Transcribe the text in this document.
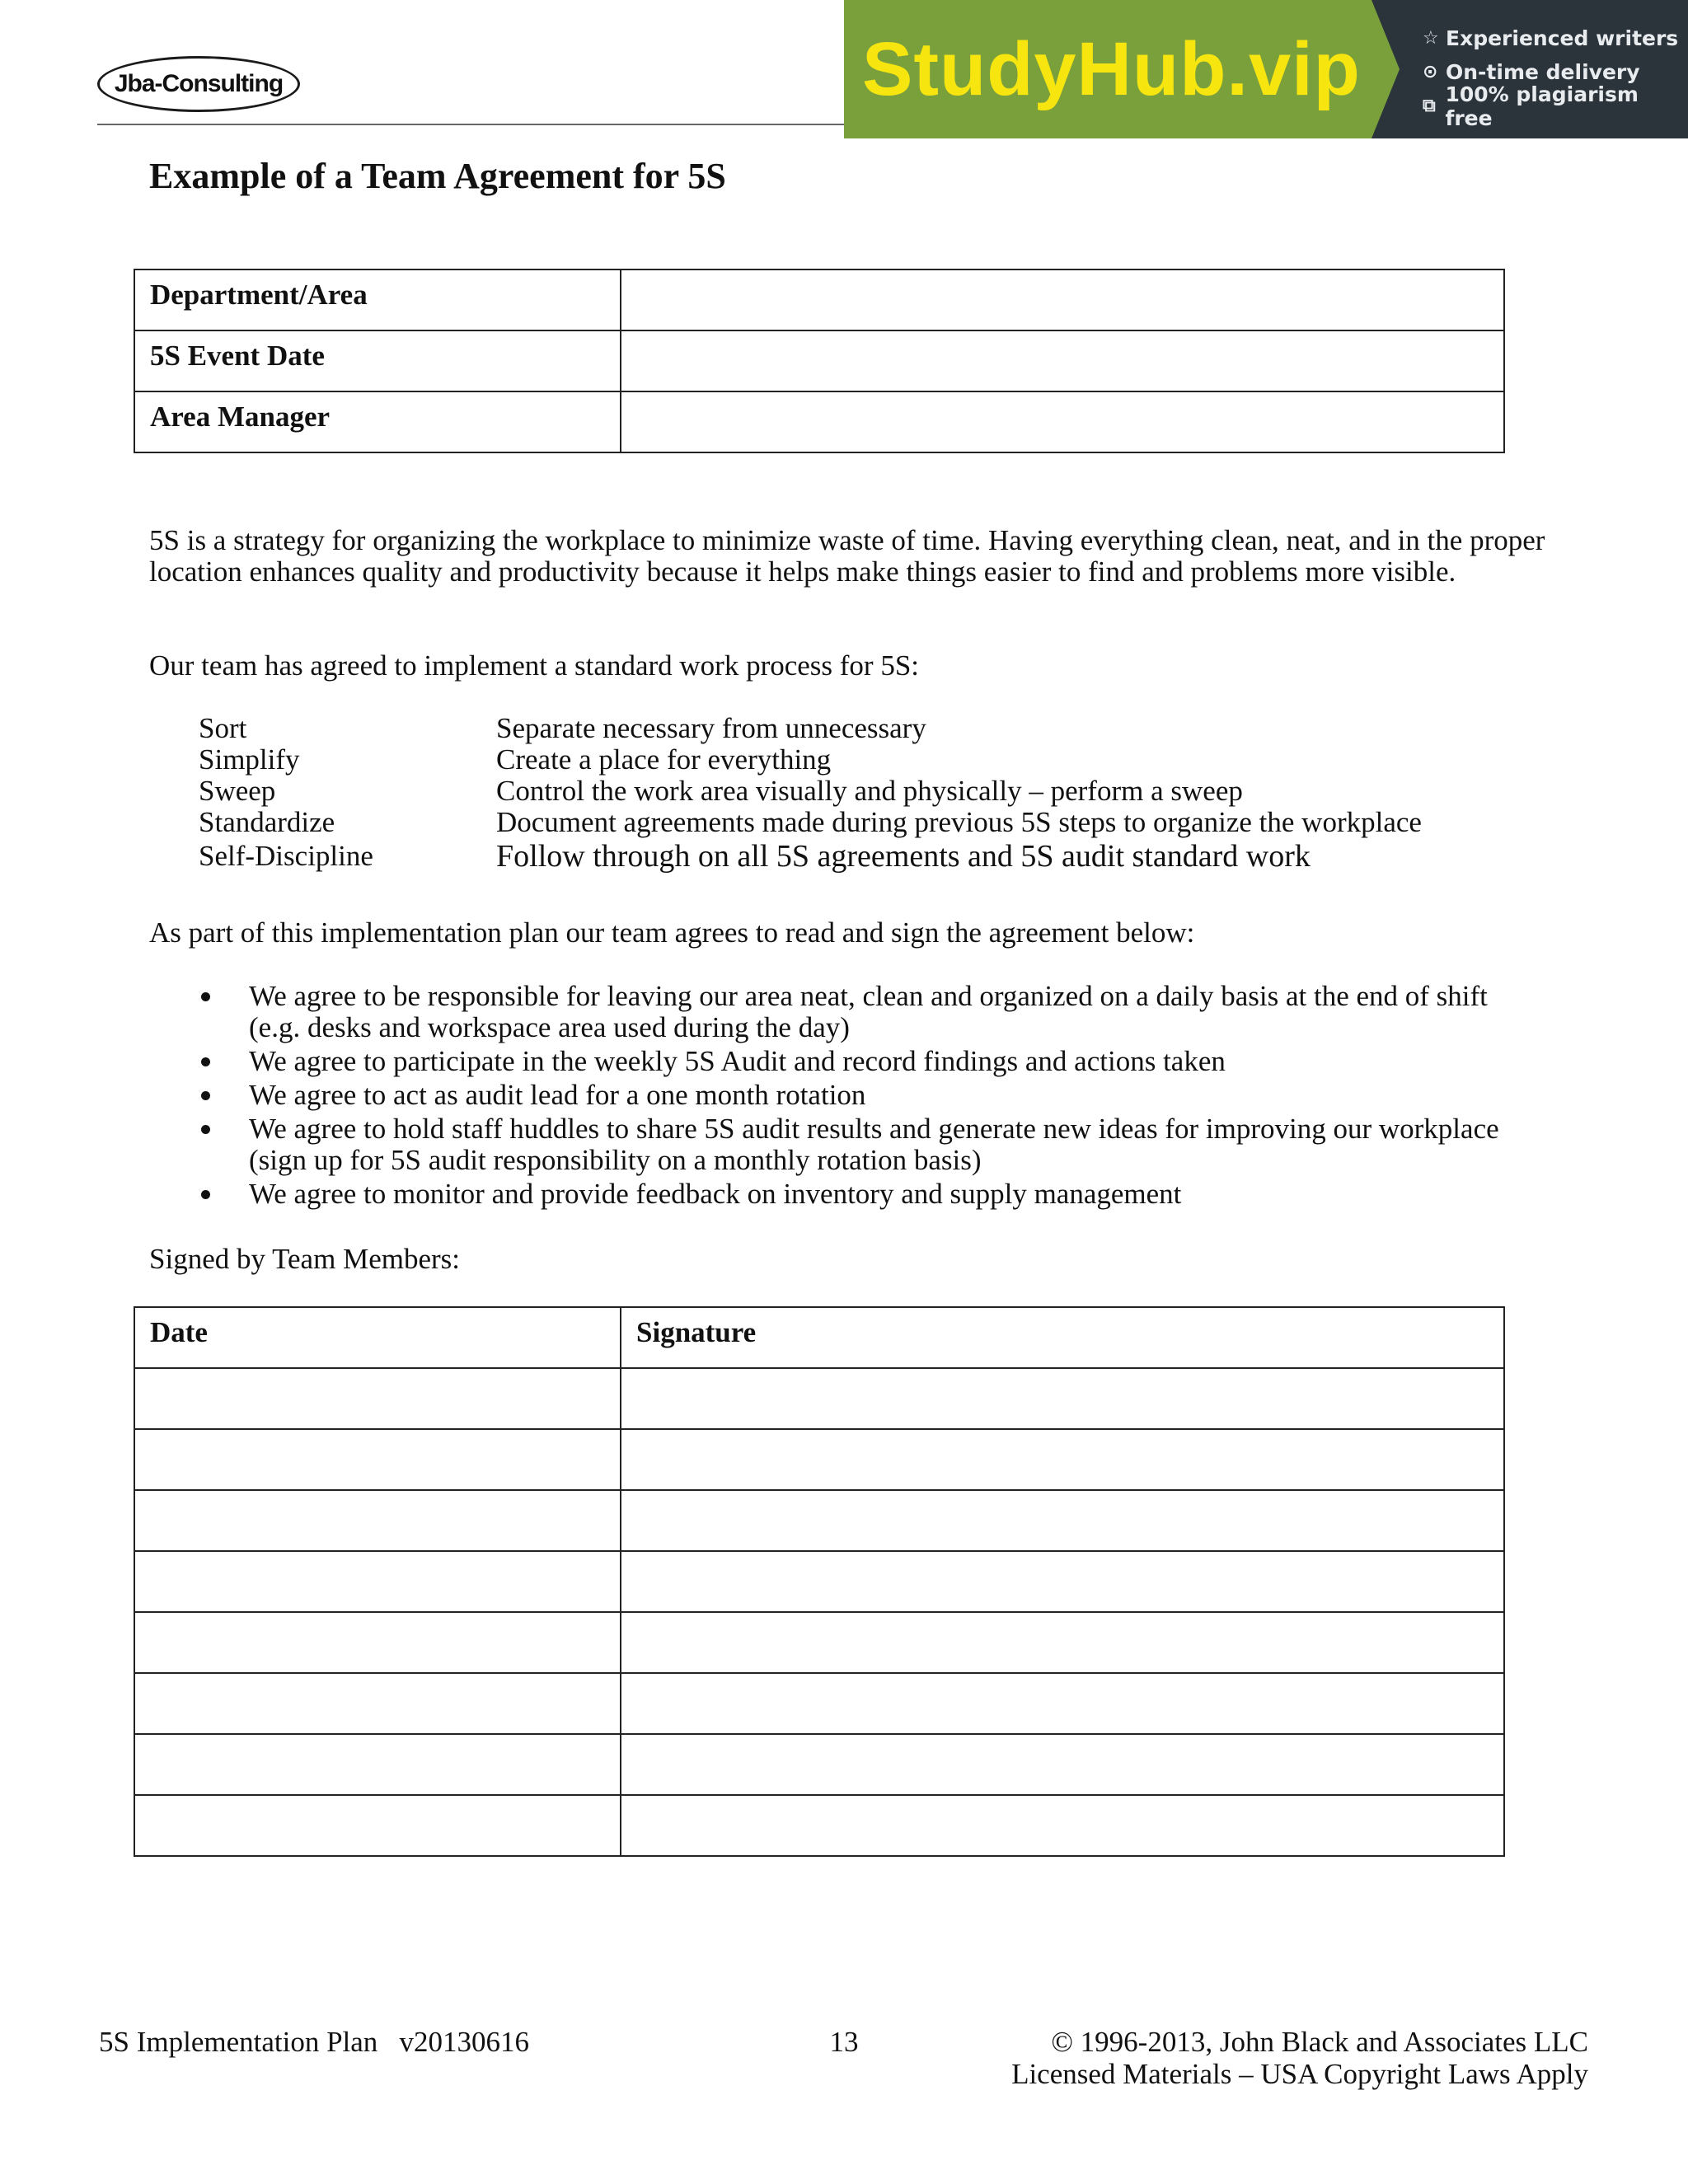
Jba-Consulting	StudyHub.vip	☆ Experienced writers
⊙ On-time delivery
⧉ 100% plagiarism free
Example of a Team Agreement for 5S
Department/Area	
5S Event Date	
Area Manager	
5S is a strategy for organizing the workplace to minimize waste of time. Having everything clean, neat, and in the proper location enhances quality and productivity because it helps make things easier to find and problems more visible.
Our team has agreed to implement a standard work process for 5S:
Sort	Separate necessary from unnecessary
Simplify	Create a place for everything
Sweep	Control the work area visually and physically – perform a sweep
Standardize	Document agreements made during previous 5S steps to organize the workplace
Self-Discipline	Follow through on all 5S agreements and 5S audit standard work
As part of this implementation plan our team agrees to read and sign the agreement below:
We agree to be responsible for leaving our area neat, clean and organized on a daily basis at the end of shift (e.g. desks and workspace area used during the day)
We agree to participate in the weekly 5S Audit and record findings and actions taken
We agree to act as audit lead for a one month rotation
We agree to hold staff huddles to share 5S audit results and generate new ideas for improving our workplace (sign up for 5S audit responsibility on a monthly rotation basis)
We agree to monitor and provide feedback on inventory and supply management
Signed by Team Members:
Date	Signature

5S Implementation Plan   v20130616	13	© 1996-2013, John Black and Associates LLC
Licensed Materials – USA Copyright Laws Apply
